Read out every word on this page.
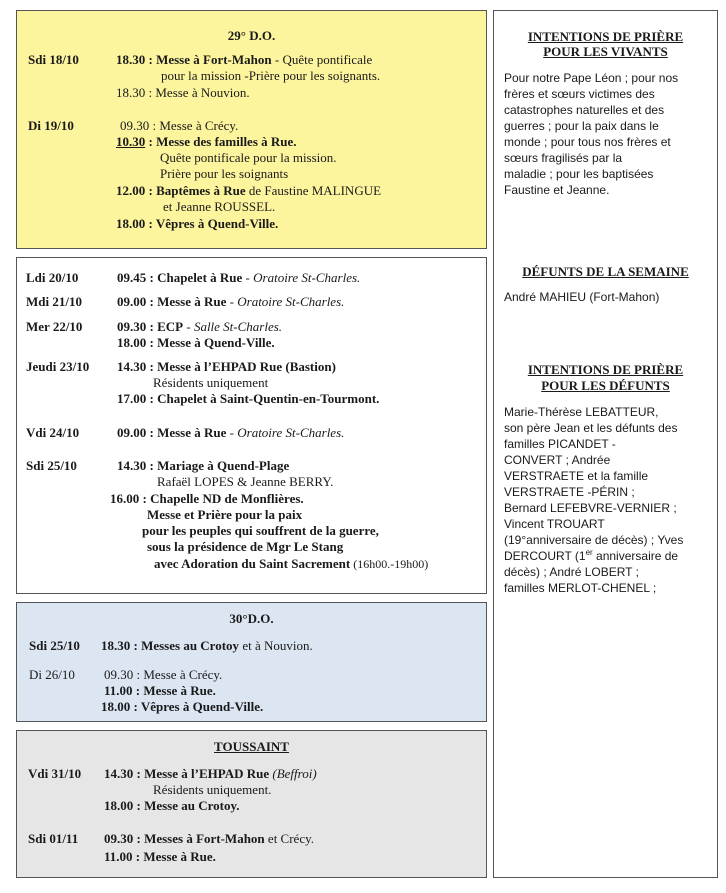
29° D.O.
Sdi 18/10	18.30 : Messe à Fort-Mahon - Quête pontificale
pour la mission -Prière pour les soignants.
18.30 : Messe à Nouvion.
Di 19/10	09.30 : Messe à Crécy.
10.30 : Messe des familles à Rue.
Quête pontificale pour la mission.
Prière pour les soignants
12.00 : Baptêmes à Rue de Faustine MALINGUE
et Jeanne ROUSSEL.
18.00 : Vêpres à Quend-Ville.
Ldi 20/10	09.45 : Chapelet à Rue - Oratoire St-Charles.
Mdi 21/10	09.00 : Messe à Rue - Oratoire St-Charles.
Mer 22/10	09.30 : ECP - Salle St-Charles.
18.00 : Messe à Quend-Ville.
Jeudi 23/10 14.30 : Messe à l’EHPAD Rue (Bastion)
Résidents uniquement
17.00 : Chapelet à Saint-Quentin-en-Tourmont.
Vdi 24/10	09.00 : Messe à Rue - Oratoire St-Charles.
Sdi 25/10	14.30 : Mariage à Quend-Plage
Rafaël LOPES & Jeanne BERRY.
16.00 : Chapelle ND de Monflières.
Messe et Prière pour la paix
pour les peuples qui souffrent de la guerre,
sous la présidence de Mgr Le Stang
avec Adoration du Saint Sacrement (16h00.-19h00)
30°D.O.
Sdi 25/10 18.30 : Messes au Crotoy et à Nouvion.
Di 26/10 09.30 : Messe à Crécy.
11.00 : Messe à Rue.
18.00 : Vêpres à Quend-Ville.
TOUSSAINT
Vdi 31/10 14.30 : Messe à l’EHPAD Rue (Beffroi)
Résidents uniquement.
18.00 : Messe au Crotoy.
Sdi 01/11 09.30 : Messes à Fort-Mahon et Crécy.
11.00 : Messe à Rue.
INTENTIONS DE PRIÈRE
POUR LES VIVANTS
Pour notre Pape Léon ; pour nos
frères et sœurs victimes des
catastrophes naturelles et des
guerres ; pour la paix dans le
monde ; pour tous nos frères et
sœurs fragilisés par la
maladie ; pour les baptisées
Faustine et Jeanne.
DÉFUNTS DE LA SEMAINE
André MAHIEU (Fort-Mahon)
INTENTIONS DE PRIÈRE
POUR LES DÉFUNTS
Marie-Thérèse LEBATTEUR,
son père Jean et les défunts des
familles PICANDET -
CONVERT ; Andrée
VERSTRAETE et la famille
VERSTRAETE -PÉRIN ;
Bernard LEFEBVRE-VERNIER ;
Vincent TROUART
(19°anniversaire de décès) ; Yves
DERCOURT (1er anniversaire de
décès) ; André LOBERT ;
familles MERLOT-CHENEL ;
